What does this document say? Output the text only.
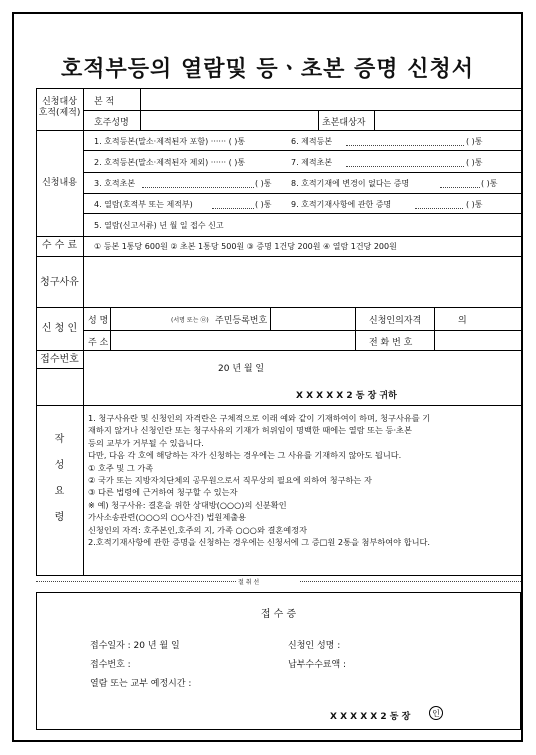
호적부등의 열람및 등ㆍ초본 증명 신청서
신청대상
호적(제적)
본 적
호주성명	초본대상자
신청내용
1. 호적등본(말소·제적된자 포함) ······ ( )통	6. 제적등본	( )통
2. 호적등본(말소·제적된자 제외) ······ ( )통	7. 제적초본	( )통
3. 호적초본	( )통 8. 호적기재에 변경이 없다는 증명	( )통
4. 열람(호적부 또는 제적부)	( )통 9. 호적기재사항에 관한 증명	( )통
5. 열람(신고서류) 년 월 일 접수 신고
수 수 료	① 등본 1통당 600원 ② 초본 1통당 500원 ③ 증명 1건당 200원 ④ 열람 1건당 200원
청구사유
신 청 인
성 명	(서명 또는 ㉧) 주민등록번호	신청인의자격	의
주 소	전 화 번 호
접수번호
20 년 월 일
X X X X X 2 동 장 귀하
작
성
요
령
1. 청구사유란 및 신청인의 자격란은 구체적으로 이래 예와 같이 기재하여이 하며, 청구사유를 기
재하지 않거나 신청인란 또는 청구사유의 기재가 허위임이 명백한 때에는 열람 또는 등·초본
등의 교부가 거부될 수 있읍니다.
다만, 다음 각 호에 해당하는 자가 신청하는 경우에는 그 사유를 기재하지 않아도 됩니다.
① 호주 및 그 가족
② 국가 또는 지방자치단체의 공무원으로서 직무상의 필요에 의하여 청구하는 자
③ 다른 법령에 근거하여 청구할 수 있는자
※ 예) 청구사유: 결혼을 위한 상대방(○○○)의 신분확인
가사소송관련(○○○의 ○○사건) 법원제출용
신청인의 자격: 호주본인,호주의 지, 가족 ○○○와 결혼예정자
2.호적기재사항에 관한 증명을 신청하는 경우에는 신청서에 그 증□원 2통을 첨부하여야 합니다.
절 취 선
접 수 증
접수일자 : 20 년 월 일	신청인 성명 :
접수번호 :	납부수수료액 :
열람 또는 교부 예정시간 :
X X X X X 2 동 장	인
